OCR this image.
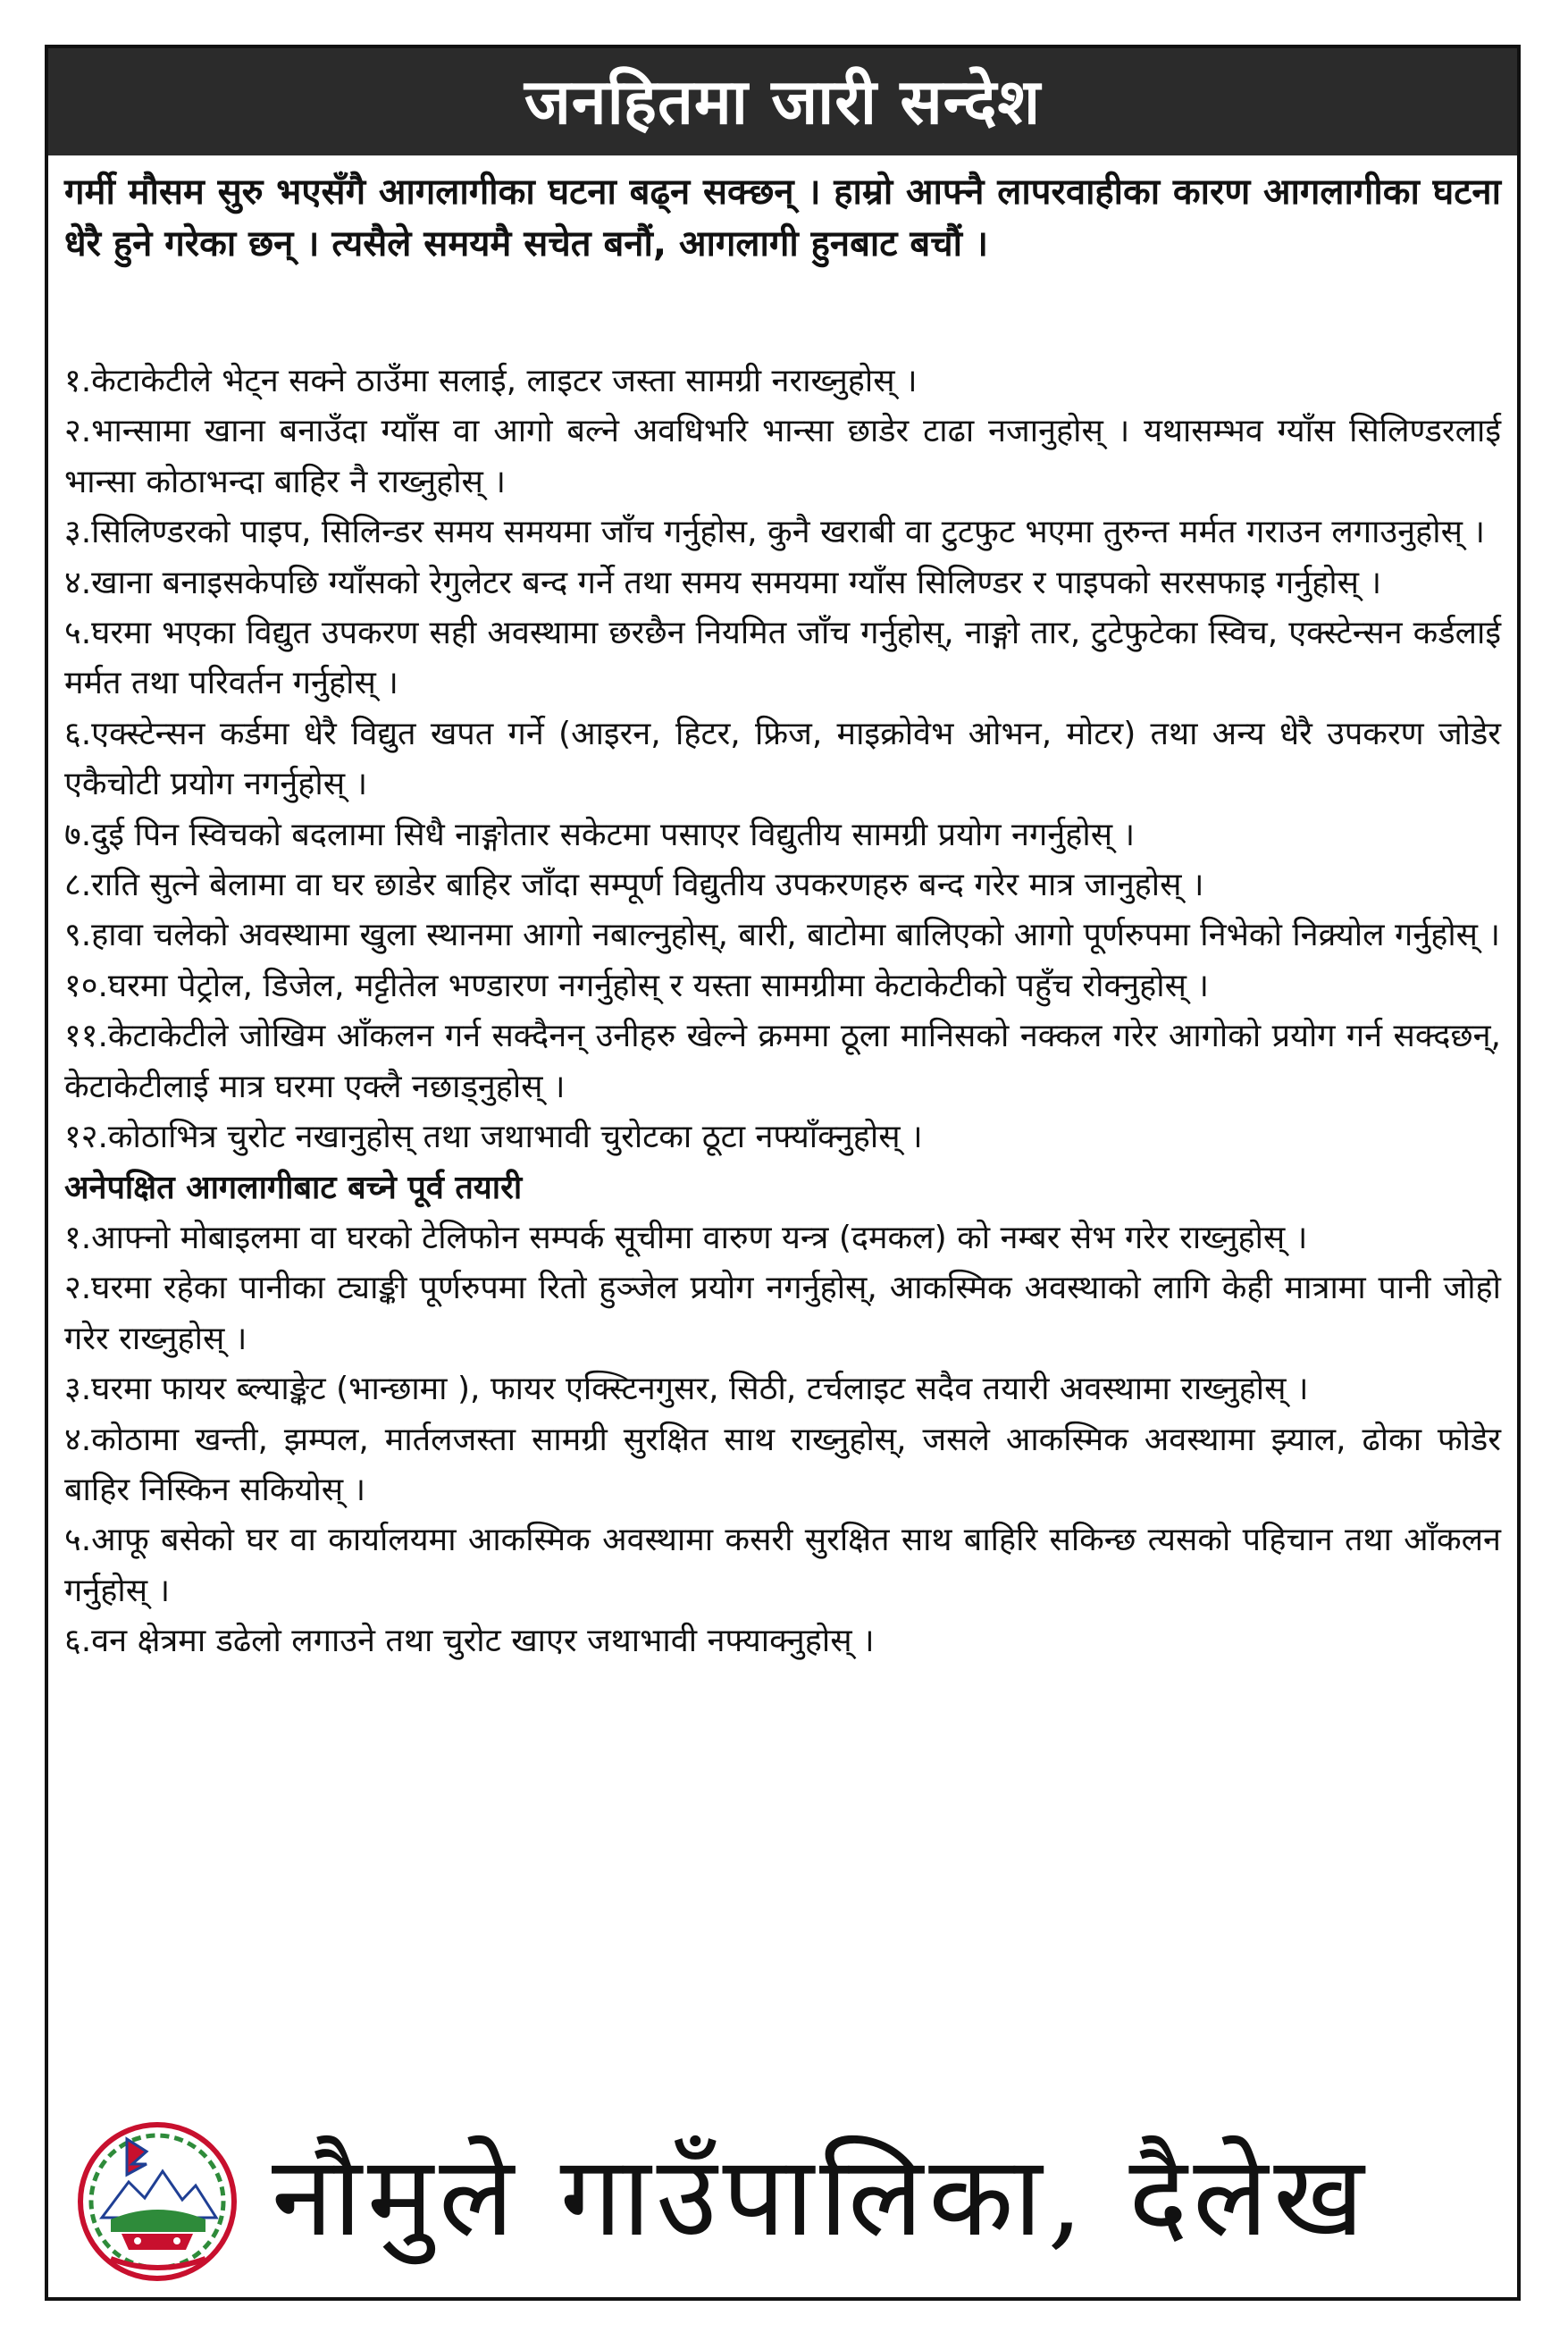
जनहितमा जारी सन्देश
गर्मी मौसम सुरु भएसँगै आगलागीका घटना बढ्न सक्छन् । हाम्रो आफ्नै लापरवाहीका कारण आगलागीका घटना धेरै हुने गरेका छन् । त्यसैले समयमै सचेत बनौं, आगलागी हुनबाट बचौं ।

१.केटाकेटीले भेट्न सक्ने ठाउँमा सलाई, लाइटर जस्ता सामग्री नराख्नुहोस् ।

२.भान्सामा खाना बनाउँदा ग्याँस वा आगो बल्ने अवधिभरि भान्सा छाडेर टाढा नजानुहोस् । यथासम्भव ग्याँस सिलिण्डरलाई भान्सा कोठाभन्दा बाहिर नै राख्नुहोस् ।

३.सिलिण्डरको पाइप, सिलिन्डर समय समयमा जाँच गर्नुहोस, कुनै खराबी वा टुटफुट भएमा तुरुन्त मर्मत गराउन लगाउनुहोस् ।

४.खाना बनाइसकेपछि ग्याँसको रेगुलेटर बन्द गर्ने तथा समय समयमा ग्याँस सिलिण्डर र पाइपको सरसफाइ गर्नुहोस् ।

५.घरमा भएका विद्युत उपकरण सही अवस्थामा छरछैन नियमित जाँच गर्नुहोस्, नाङ्गो तार, टुटेफुटेका स्विच, एक्स्टेन्सन कर्डलाई मर्मत तथा परिवर्तन गर्नुहोस् ।

६.एक्स्टेन्सन कर्डमा धेरै विद्युत खपत गर्ने (आइरन, हिटर, फ्रिज, माइक्रोवेभ ओभन, मोटर) तथा अन्य धेरै उपकरण जोडेर एकैचोटी प्रयोग नगर्नुहोस् ।

७.दुई पिन स्विचको बदलामा सिधै नाङ्गोतार सकेटमा पसाएर विद्युतीय सामग्री प्रयोग नगर्नुहोस् ।

८.राति सुत्ने बेलामा वा घर छाडेर बाहिर जाँदा सम्पूर्ण विद्युतीय उपकरणहरु बन्द गरेर मात्र जानुहोस् ।

९.हावा चलेको अवस्थामा खुला स्थानमा आगो नबाल्नुहोस्, बारी, बाटोमा बालिएको आगो पूर्णरुपमा निभेको निक्र्योल गर्नुहोस् ।

१०.घरमा पेट्रोल, डिजेल, मट्टीतेल भण्डारण नगर्नुहोस् र यस्ता सामग्रीमा केटाकेटीको पहुँच रोक्नुहोस् ।

११.केटाकेटीले जोखिम आँकलन गर्न सक्दैनन् उनीहरु खेल्ने क्रममा ठूला मानिसको नक्कल गरेर आगोको प्रयोग गर्न सक्दछन्, केटाकेटीलाई मात्र घरमा एक्लै नछाड्नुहोस् ।

१२.कोठाभित्र चुरोट नखानुहोस् तथा जथाभावी चुरोटका ठूटा नफ्याँक्नुहोस् ।

अनेपक्षित आगलागीबाट बच्ने पूर्व तयारी

१.आफ्नो मोबाइलमा वा घरको टेलिफोन सम्पर्क सूचीमा वारुण यन्त्र (दमकल) को नम्बर सेभ गरेर राख्नुहोस् ।

२.घरमा रहेका पानीका ट्याङ्की पूर्णरुपमा रितो हुञ्जेल प्रयोग नगर्नुहोस्, आकस्मिक अवस्थाको लागि केही मात्रामा पानी जोहो गरेर राख्नुहोस् ।

३.घरमा फायर ब्ल्याङ्केट (भान्छामा ), फायर एक्स्टिनगुसर, सिठी, टर्चलाइट सदैव तयारी अवस्थामा राख्नुहोस् ।

४.कोठामा खन्ती, झम्पल, मार्तलजस्ता सामग्री सुरक्षित साथ राख्नुहोस्, जसले आकस्मिक अवस्थामा झ्याल, ढोका फोडेर बाहिर निस्किन सकियोस् ।

५.आफू बसेको घर वा कार्यालयमा आकस्मिक अवस्थामा कसरी सुरक्षित साथ बाहिरि सकिन्छ त्यसको पहिचान तथा आँकलन गर्नुहोस् ।

६.वन क्षेत्रमा डढेलो लगाउने तथा चुरोट खाएर जथाभावी नफ्याक्नुहोस् ।

नौमुले गाउँपालिका, दैलेख
